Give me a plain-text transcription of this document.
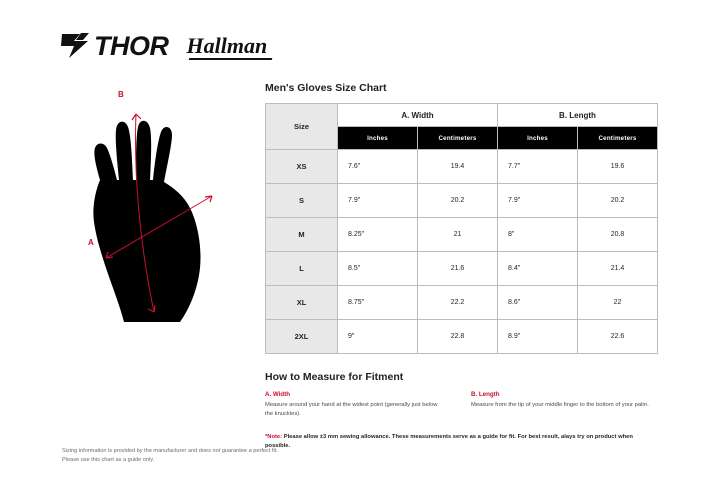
THOR Hallman
B
A
Sizing information is provided by the manufacturer and does not guarantee a perfect fit.
Please use this chart as a guide only.
Men's Gloves Size Chart
Size	A. Width		B. Length	
	Inches	Centimeters	Inches	Centimeters
XS	7.6"	19.4	7.7"	19.6
S	7.9"	20.2	7.9"	20.2
M	8.25"	21	8"	20.8
L	8.5"	21.6	8.4"	21.4
XL	8.75"	22.2	8.6"	22
2XL	9"	22.8	8.9"	22.6
How to Measure for Fitment
A. Width
Measure around your hand at the widest point (generally just below the knuckles).
B. Length
Measure from the tip of your middle finger to the bottom of your palm.
*Note: Please allow ±3 mm sewing allowance. These measurements serve as a guide for fit. For best result, alays try on product when possible.
